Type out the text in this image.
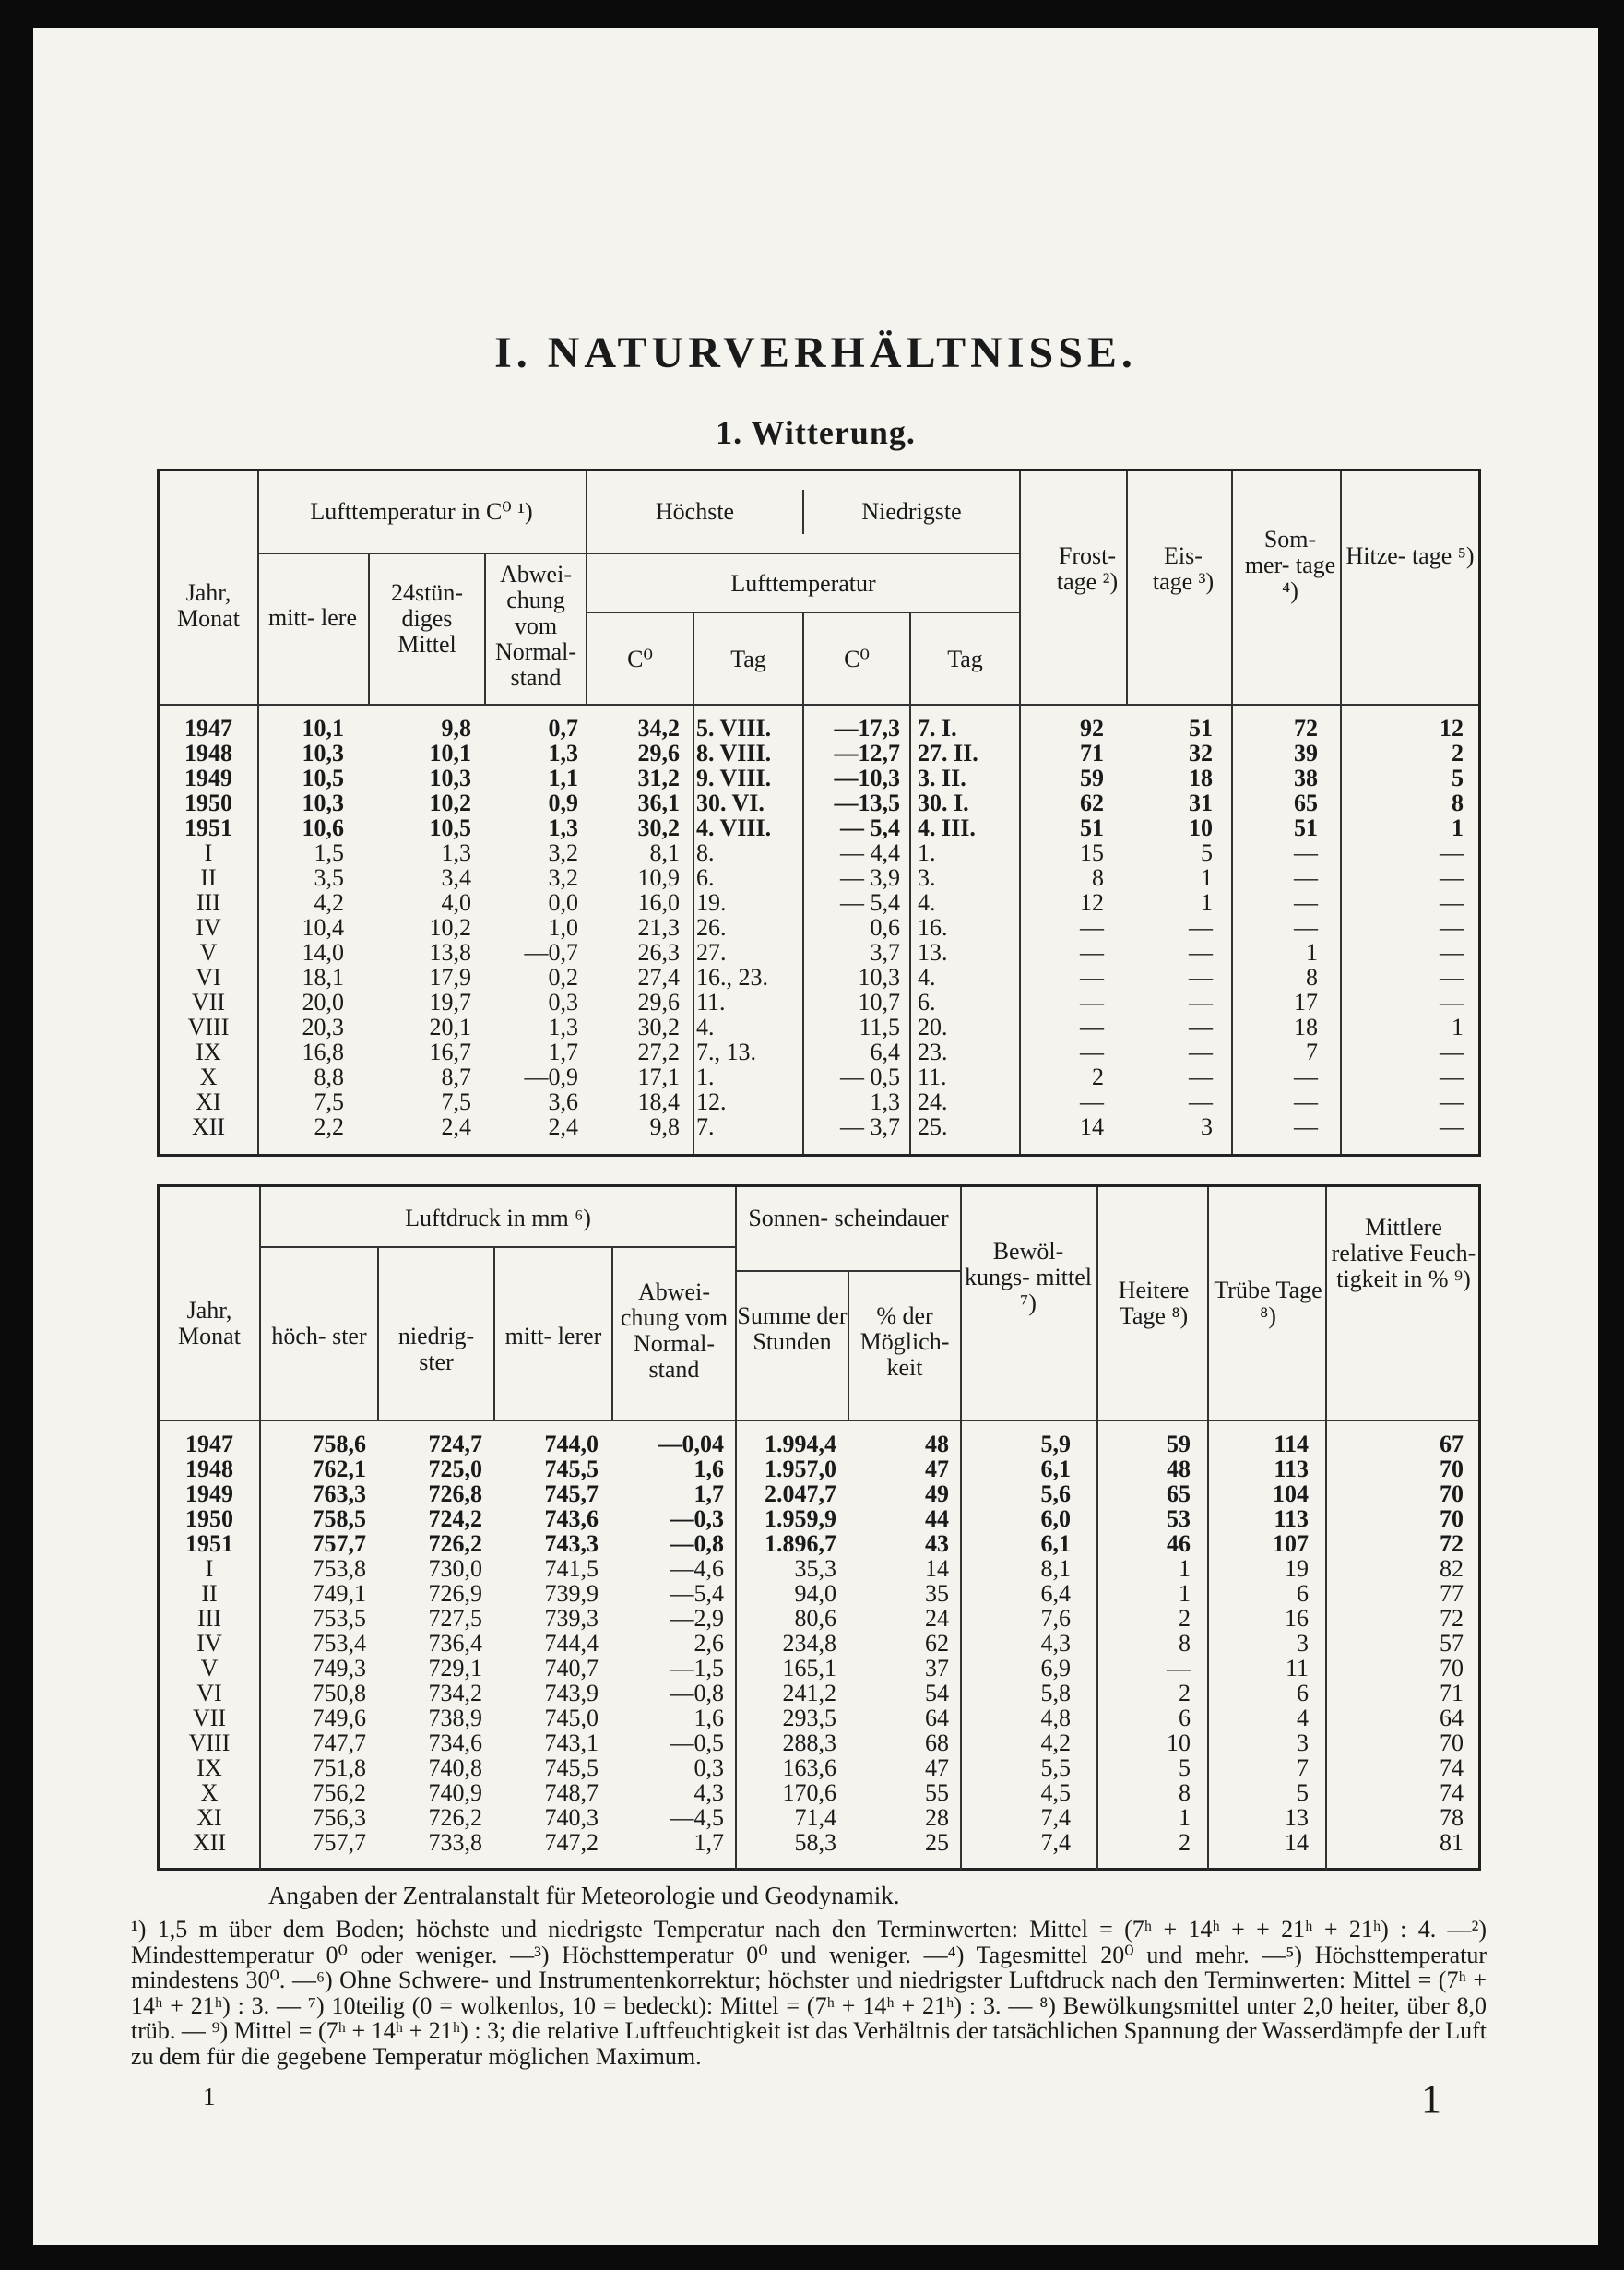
I. NATURVERHÄLTNISSE.
1. Witterung.
Jahr, Monat
Lufttemperatur in C⁰ ¹)
mitt- lere
24stün- diges Mittel
Abwei- chung vom Normal- stand
Höchste	Niedrigste
Lufttemperatur
C⁰	Tag	C⁰	Tag
Frost- tage ²)
Eis- tage ³)
Som- mer- tage ⁴)
Hitze- tage ⁵)
1947	10,1	9,8	0,7	34,2 5. VIII.	—17,3 7. I.	92	51	72	12
1948	10,3	10,1	1,3	29,6 8. VIII.	—12,7 27. II.	71	32	39	2
1949	10,5	10,3	1,1	31,2 9. VIII.	—10,3 3. II.	59	18	38	5
1950	10,3	10,2	0,9	36,1 30. VI.	—13,5 30. I.	62	31	65	8
1951	10,6	10,5	1,3	30,2 4. VIII.	— 5,4 4. III.	51	10	51	1
I	1,5	1,3	3,2	8,1 8.	— 4,4 1.	15	5	—	—
II	3,5	3,4	3,2	10,9 6.	— 3,9 3.	8	1	—	—
III	4,2	4,0	0,0	16,0 19.	— 5,4 4.	12	1	—	—
IV	10,4	10,2	1,0	21,3 26.	0,6 16.	—	—	—	—
V	14,0	13,8	—0,7	26,3 27.	3,7 13.	—	—	1	—
VI	18,1	17,9	0,2	27,4 16., 23.	10,3 4.	—	—	8	—
VII	20,0	19,7	0,3	29,6 11.	10,7 6.	—	—	17	—
VIII	20,3	20,1	1,3	30,2 4.	11,5 20.	—	—	18	1
IX	16,8	16,7	1,7	27,2 7., 13.	6,4 23.	—	—	7	—
X	8,8	8,7	—0,9	17,1 1.	— 0,5 11.	2	—	—	—
XI	7,5	7,5	3,6	18,4 12.	1,3 24.	—	—	—	—
XII	2,2	2,4	2,4	9,8 7.	— 3,7 25.	14	3	—	—
Jahr, Monat
Luftdruck in mm ⁶)
höch- ster	niedrig- ster
mitt- lerer
Abwei- chung vom Normal- stand
Sonnen- scheindauer
Summe der Stunden
% der Möglich- keit
Bewöl- kungs- mittel ⁷)	Heitere Tage ⁸)
Trübe Tage ⁸)
Mittlere relative Feuch- tigkeit in % ⁹)
1947	758,6	724,7	744,0	—0,04	1.994,4	48	5,9	59	114	67
1948	762,1	725,0	745,5	1,6	1.957,0	47	6,1	48	113	70
1949	763,3	726,8	745,7	1,7	2.047,7	49	5,6	65	104	70
1950	758,5	724,2	743,6	—0,3	1.959,9	44	6,0	53	113	70
1951	757,7	726,2	743,3	—0,8	1.896,7	43	6,1	46	107	72
I	753,8	730,0	741,5	—4,6	35,3	14	8,1	1	19	82
II	749,1	726,9	739,9	—5,4	94,0	35	6,4	1	6	77
III	753,5	727,5	739,3	—2,9	80,6	24	7,6	2	16	72
IV	753,4	736,4	744,4	2,6	234,8	62	4,3	8	3	57
V	749,3	729,1	740,7	—1,5	165,1	37	6,9	—	11	70
VI	750,8	734,2	743,9	—0,8	241,2	54	5,8	2	6	71
VII	749,6	738,9	745,0	1,6	293,5	64	4,8	6	4	64
VIII	747,7	734,6	743,1	—0,5	288,3	68	4,2	10	3	70
IX	751,8	740,8	745,5	0,3	163,6	47	5,5	5	7	74
X	756,2	740,9	748,7	4,3	170,6	55	4,5	8	5	74
XI	756,3	726,2	740,3	—4,5	71,4	28	7,4	1	13	78
XII	757,7	733,8	747,2	1,7	58,3	25	7,4	2	14	81
Angaben der Zentralanstalt für Meteorologie und Geodynamik.
¹) 1,5 m über dem Boden; höchste und niedrigste Temperatur nach den Terminwerten: Mittel = (7ʰ + 14ʰ + + 21ʰ + 21ʰ) : 4. —²) Mindesttemperatur 0⁰ oder weniger. —³) Höchsttemperatur 0⁰ und weniger. —⁴) Tagesmittel 20⁰ und mehr. —⁵) Höchsttemperatur mindestens 30⁰. —⁶) Ohne Schwere- und Instrumentenkorrektur; höchster und niedrigster Luftdruck nach den Terminwerten: Mittel = (7ʰ + 14ʰ + 21ʰ) : 3. — ⁷) 10teilig (0 = wolkenlos, 10 = bedeckt): Mittel = (7ʰ + 14ʰ + 21ʰ) : 3. — ⁸) Bewölkungsmittel unter 2,0 heiter, über 8,0 trüb. — ⁹) Mittel = (7ʰ + 14ʰ + 21ʰ) : 3; die relative Luftfeuchtigkeit ist das Verhältnis der tatsächlichen Spannung der Wasserdämpfe der Luft zu dem für die gegebene Temperatur möglichen Maximum.
1	1
